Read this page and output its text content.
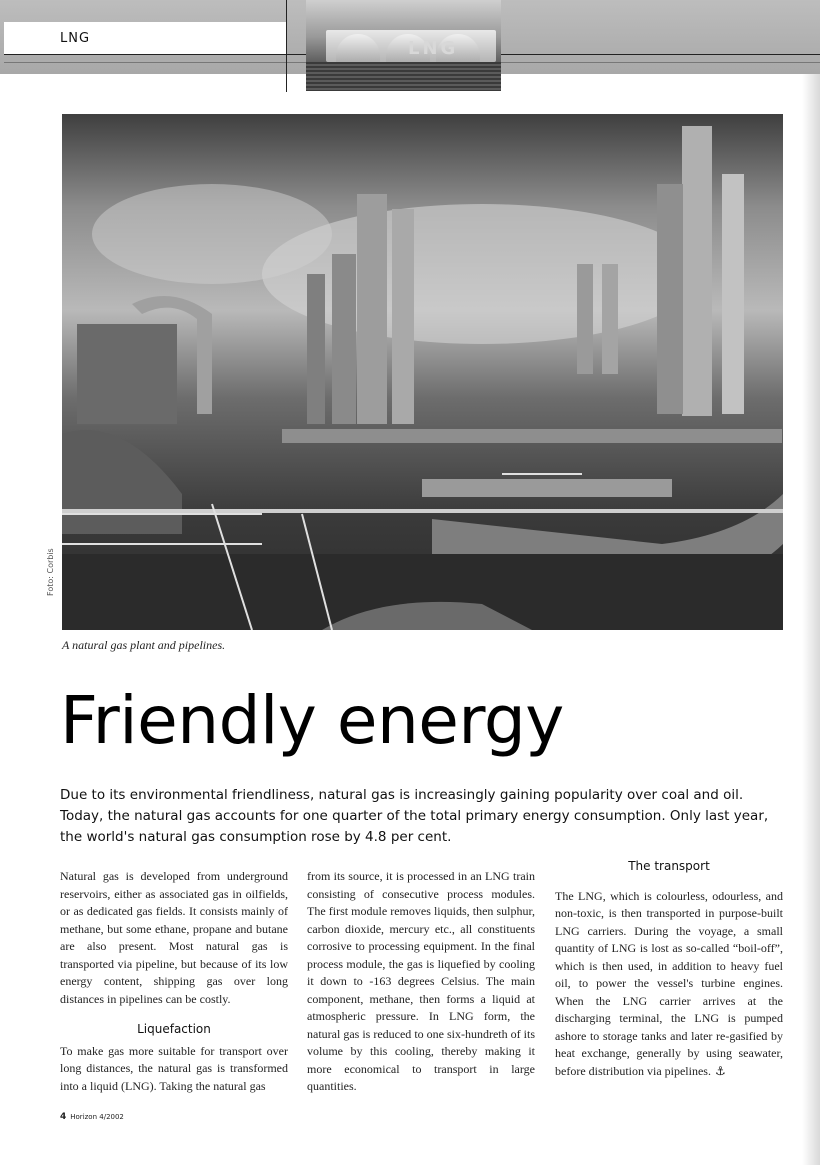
LNG	LNG
Foto: Corbis
A natural gas plant and pipelines.
Friendly energy

Due to its environmental friendliness, natural gas is increasingly gaining popularity over coal and oil. Today, the natural gas accounts for one quarter of the total primary energy consumption. Only last year, the world's natural gas consumption rose by 4.8 per cent.

Natural gas is developed from underground reservoirs, either as associated gas in oilfields, or as dedicated gas fields. It consists mainly of methane, but some ethane, propane and butane are also present. Most natural gas is transported via pipeline, but because of its low energy content, shipping gas over long distances in pipelines can be costly.

Liquefaction

To make gas more suitable for transport over long distances, the natural gas is transformed into a liquid (LNG). Taking the natural gas

from its source, it is processed in an LNG train consisting of consecutive process modules. The first module removes liquids, then sulphur, carbon dioxide, mercury etc., all constituents corrosive to processing equipment. In the final process module, the gas is liquefied by cooling it down to -163 degrees Celsius. The main component, methane, then forms a liquid at atmospheric pressure. In LNG form, the natural gas is reduced to one six-hundreth of its volume by this cooling, thereby making it more economical to transport in large quantities.

The transport

The LNG, which is colourless, odourless, and non-toxic, is then transported in purpose-built LNG carriers. During the voyage, a small quantity of LNG is lost as so-called “boil-off”, which is then used, in addition to heavy fuel oil, to power the vessel's turbine engines. When the LNG carrier arrives at the discharging terminal, the LNG is pumped ashore to storage tanks and later re-gasified by heat exchange, generally by using seawater, before distribution via pipelines. ⚓

4 Horizon 4/2002
